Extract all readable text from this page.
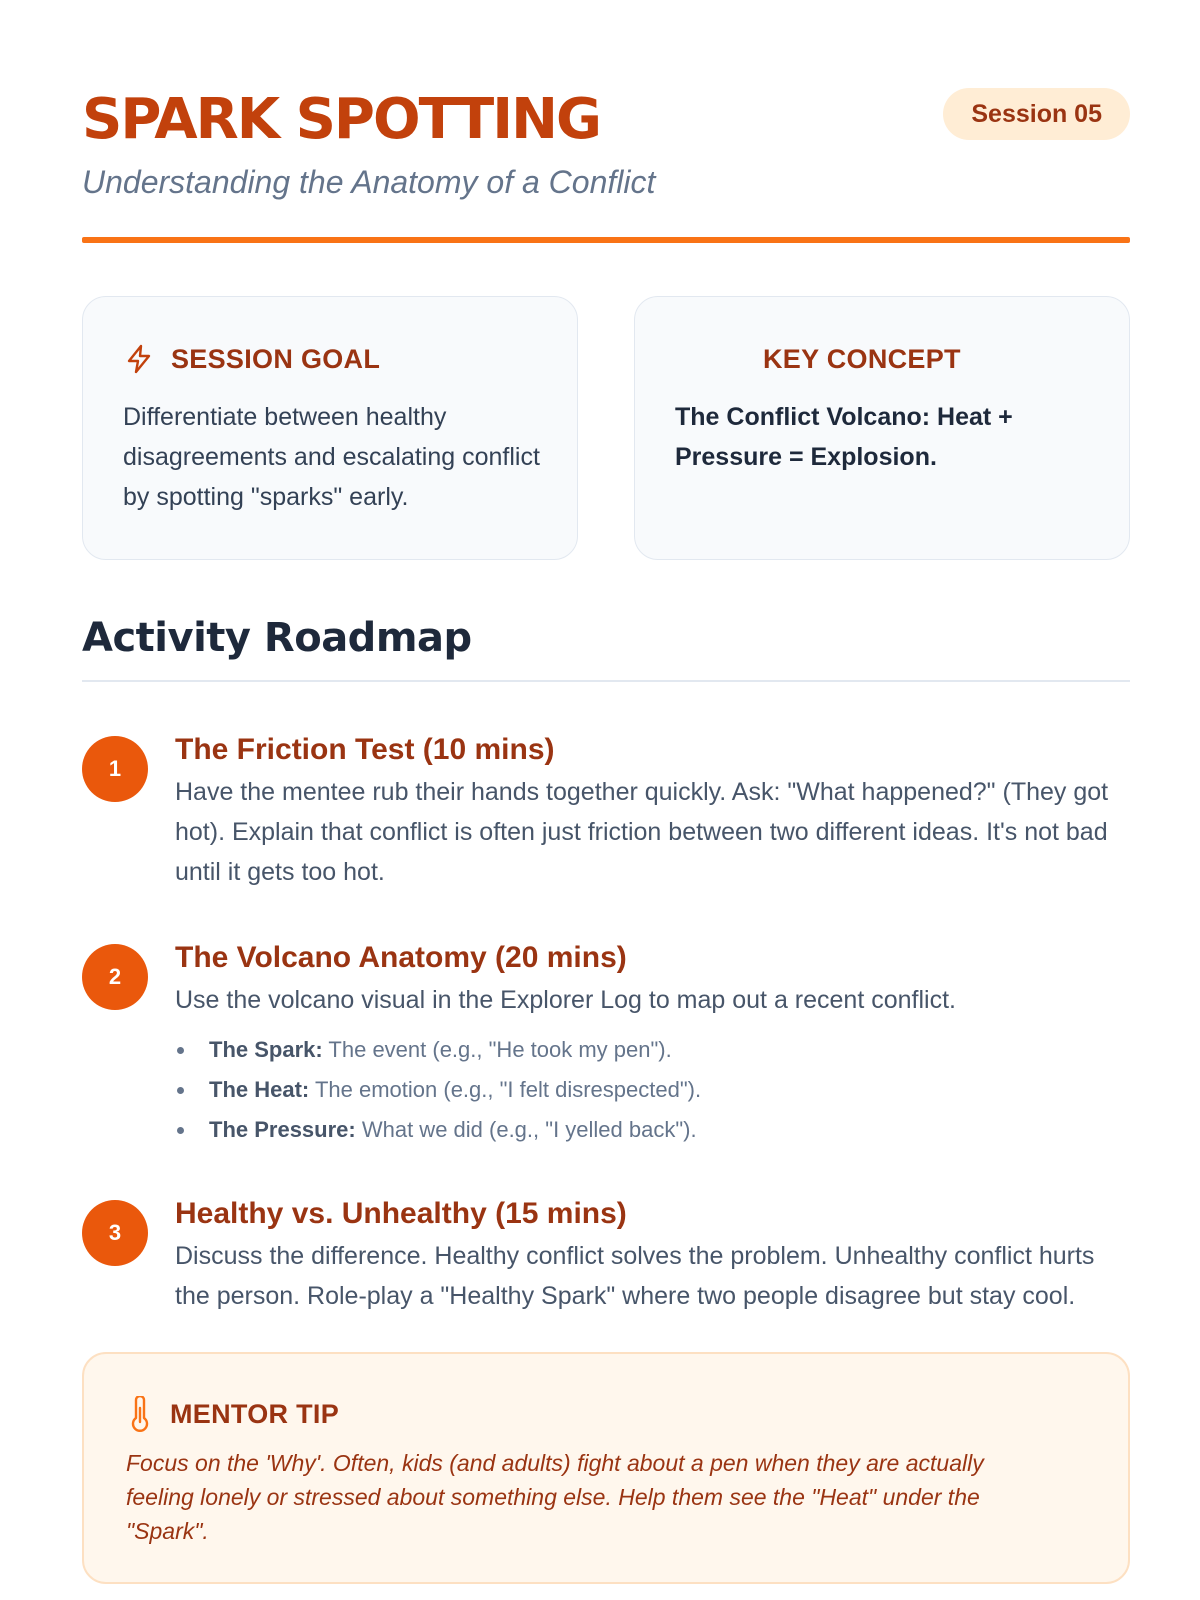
SPARK SPOTTING	Session 05
Understanding the Anatomy of a Conflict
SESSION GOAL
Differentiate between healthy disagreements and escalating conflict by spotting "sparks" early.
KEY CONCEPT
The Conflict Volcano: Heat + Pressure = Explosion.
Activity Roadmap
1
The Friction Test (10 mins)
Have the mentee rub their hands together quickly. Ask: "What happened?" (They got hot). Explain that conflict is often just friction between two different ideas. It's not bad until it gets too hot.
2
The Volcano Anatomy (20 mins)
Use the volcano visual in the Explorer Log to map out a recent conflict.
The Spark: The event (e.g., "He took my pen").
The Heat: The emotion (e.g., "I felt disrespected").
The Pressure: What we did (e.g., "I yelled back").
3
Healthy vs. Unhealthy (15 mins)
Discuss the difference. Healthy conflict solves the problem. Unhealthy conflict hurts the person. Role-play a "Healthy Spark" where two people disagree but stay cool.
MENTOR TIP
Focus on the 'Why'. Often, kids (and adults) fight about a pen when they are actually feeling lonely or stressed about something else. Help them see the "Heat" under the "Spark".
